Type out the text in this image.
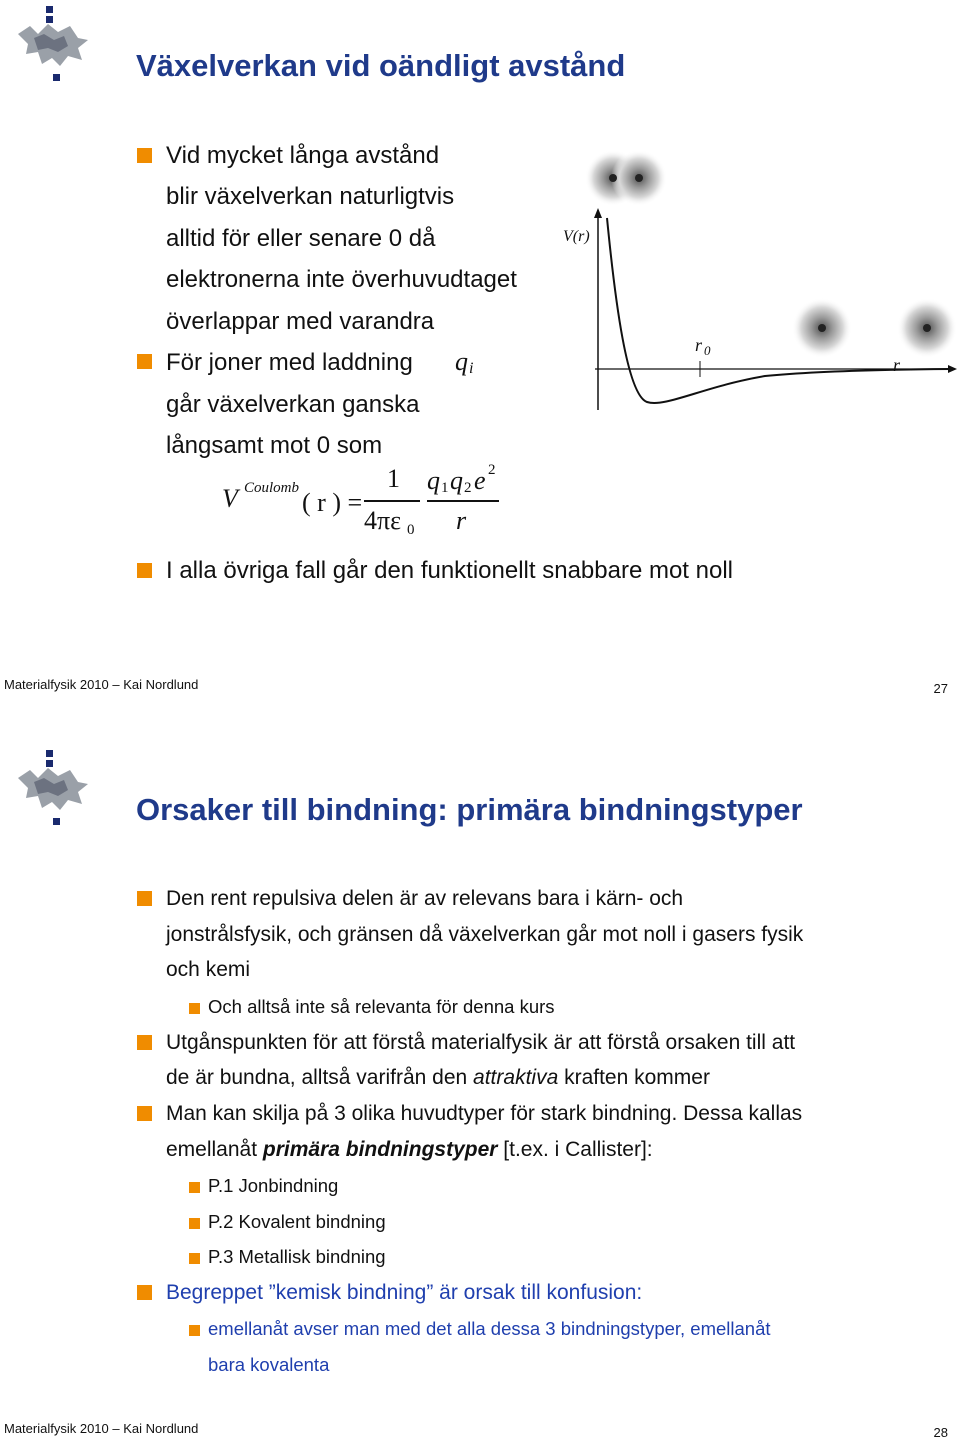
Växelverkan vid oändligt avstånd
Vid mycket långa avstånd
blir växelverkan naturligtvis
alltid för eller senare 0 då
elektronerna inte överhuvudtaget
överlappar med varandra
För joner med laddning q i
går växelverkan ganska
långsamt mot 0 som
V Coulomb ( r ) =
1
4πε 0
q 1 q 2 e 2
r
I alla övriga fall går den funktionellt snabbare mot noll
V(r)
r
r 0
Materialfysik 2010 – Kai Nordlund	27
Orsaker till bindning: primära bindningstyper
Den rent repulsiva delen är av relevans bara i kärn- och
jonstrålsfysik, och gränsen då växelverkan går mot noll i gasers fysik
och kemi
Och alltså inte så relevanta för denna kurs
Utgånspunkten för att förstå materialfysik är att förstå orsaken till att
de är bundna, alltså varifrån den attraktiva kraften kommer
Man kan skilja på 3 olika huvudtyper för stark bindning. Dessa kallas
emellanåt primära bindningstyper [t.ex. i Callister]:
P.1 Jonbindning
P.2 Kovalent bindning
P.3 Metallisk bindning
Begreppet ”kemisk bindning” är orsak till konfusion:
emellanåt avser man med det alla dessa 3 bindningstyper, emellanåt
bara kovalenta
Materialfysik 2010 – Kai Nordlund	28
